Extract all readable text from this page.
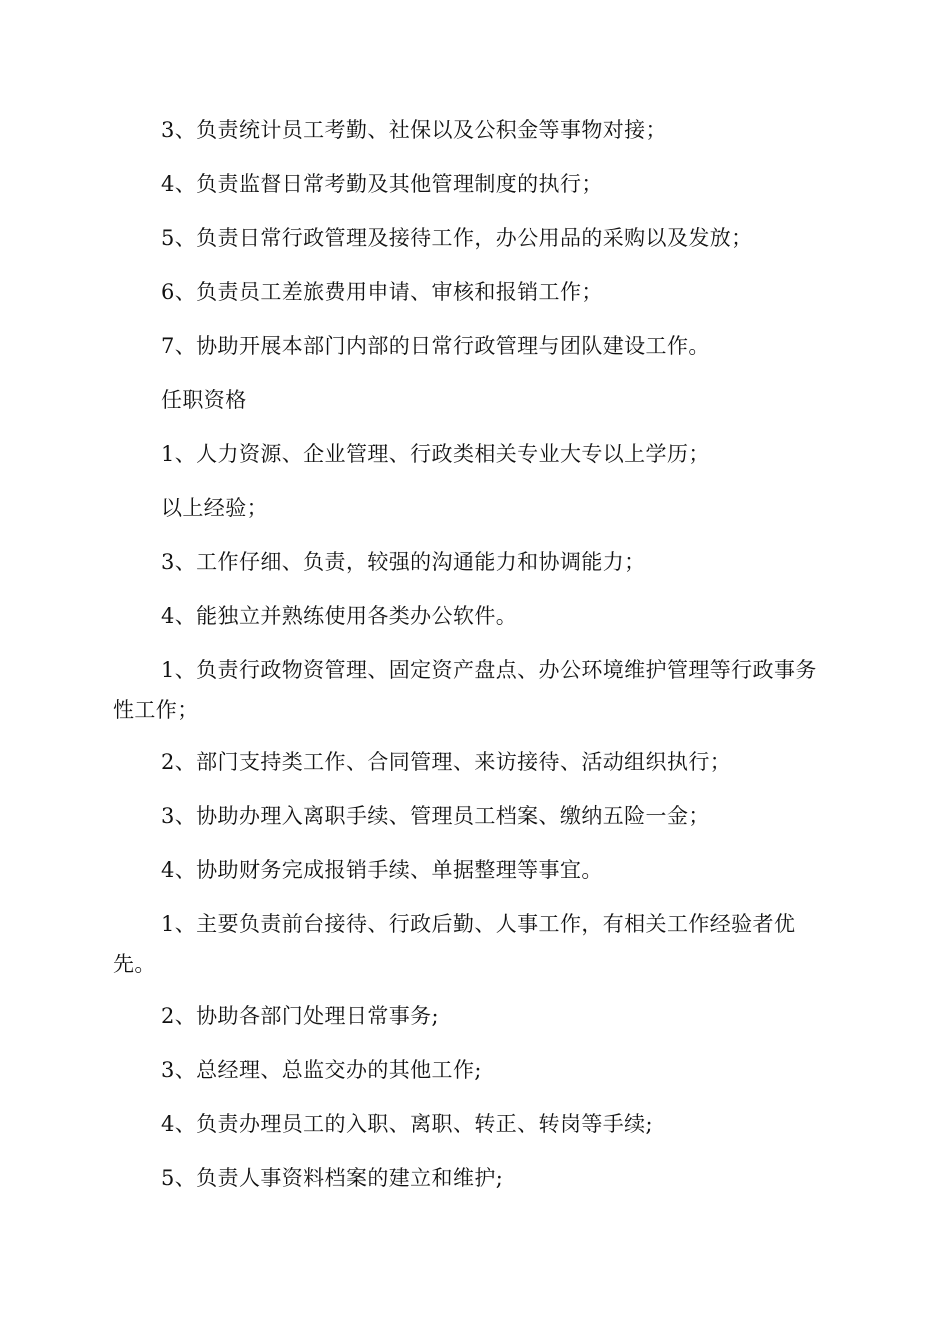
3、负责统计员工考勤、社保以及公积金等事物对接；

4、负责监督日常考勤及其他管理制度的执行；

5、负责日常行政管理及接待工作，办公用品的采购以及发放；

6、负责员工差旅费用申请、审核和报销工作；

7、协助开展本部门内部的日常行政管理与团队建设工作。

任职资格

1、人力资源、企业管理、行政类相关专业大专以上学历；

以上经验；

3、工作仔细、负责，较强的沟通能力和协调能力；

4、能独立并熟练使用各类办公软件。

1、负责行政物资管理、固定资产盘点、办公环境维护管理等行政事务性工作；

2、部门支持类工作、合同管理、来访接待、活动组织执行；

3、协助办理入离职手续、管理员工档案、缴纳五险一金；

4、协助财务完成报销手续、单据整理等事宜。

1、主要负责前台接待、行政后勤、人事工作，有相关工作经验者优先。

2、协助各部门处理日常事务;

3、总经理、总监交办的其他工作;

4、负责办理员工的入职、离职、转正、转岗等手续;

5、负责人事资料档案的建立和维护;
